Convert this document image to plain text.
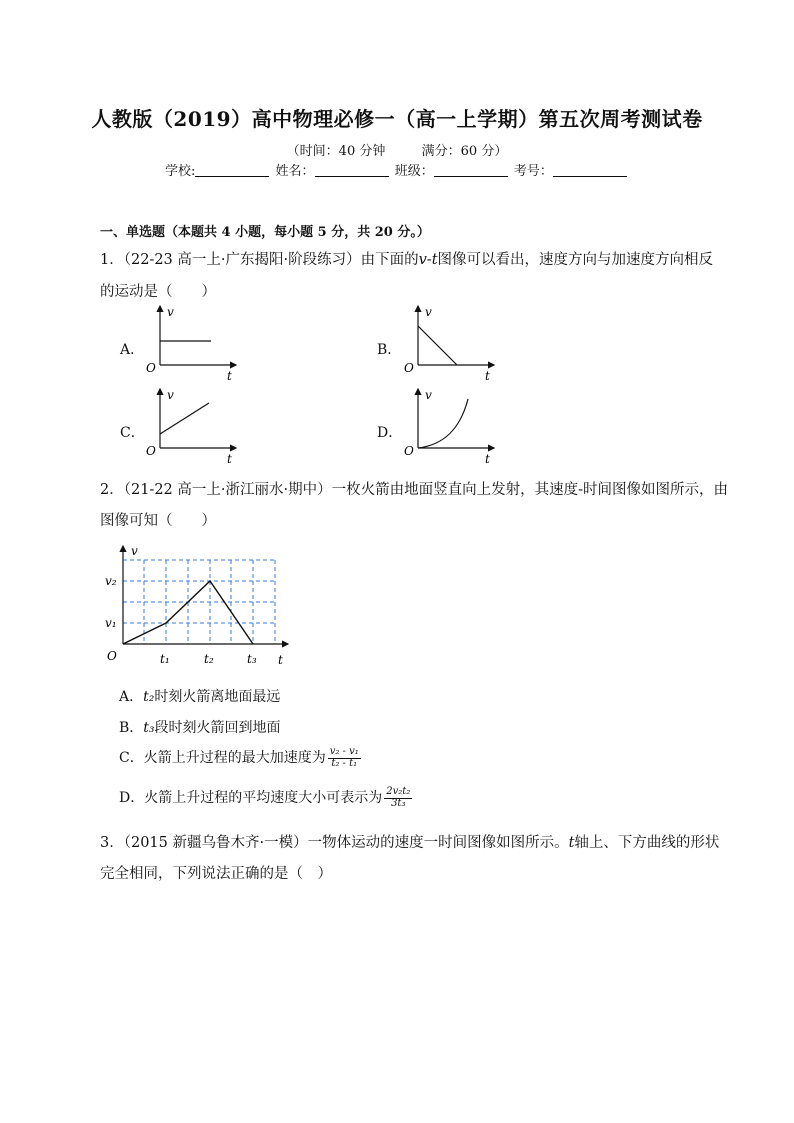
人教版（2019）高中物理必修一（高一上学期）第五次周考测试卷
（时间：40 分钟	满分：60 分）
学校:	姓名：	班级：	考号：
一、单选题（本题共 4 小题，每小题 5 分，共 20 分。）
1．（22-23 高一上·广东揭阳·阶段练习）由下面的v-t图像可以看出，速度方向与加速度方向相反
的运动是（　　）
A．	B．
C．	D．
v
t
O
v
t
O
v
t
O
v
t
O
2．（21-22 高一上·浙江丽水·期中）一枚火箭由地面竖直向上发射，其速度-时间图像如图所示，由
图像可知（　　）
v
t
O
v₂
v₁
t₁	t₂	t₃
A．t₂时刻火箭离地面最远
B．t₃段时刻火箭回到地面
C．火箭上升过程的最大加速度为 $\frac{\text{v₂ - v₁}}{\text{t₂ - t₁}}$
D．火箭上升过程的平均速度大小可表示为 $\frac{\text{2v₂t₂}}{\text{3t₃}}$
3．（2015 新疆乌鲁木齐·一模）一物体运动的速度一时间图像如图所示。t轴上、下方曲线的形状
完全相同，下列说法正确的是（　）
